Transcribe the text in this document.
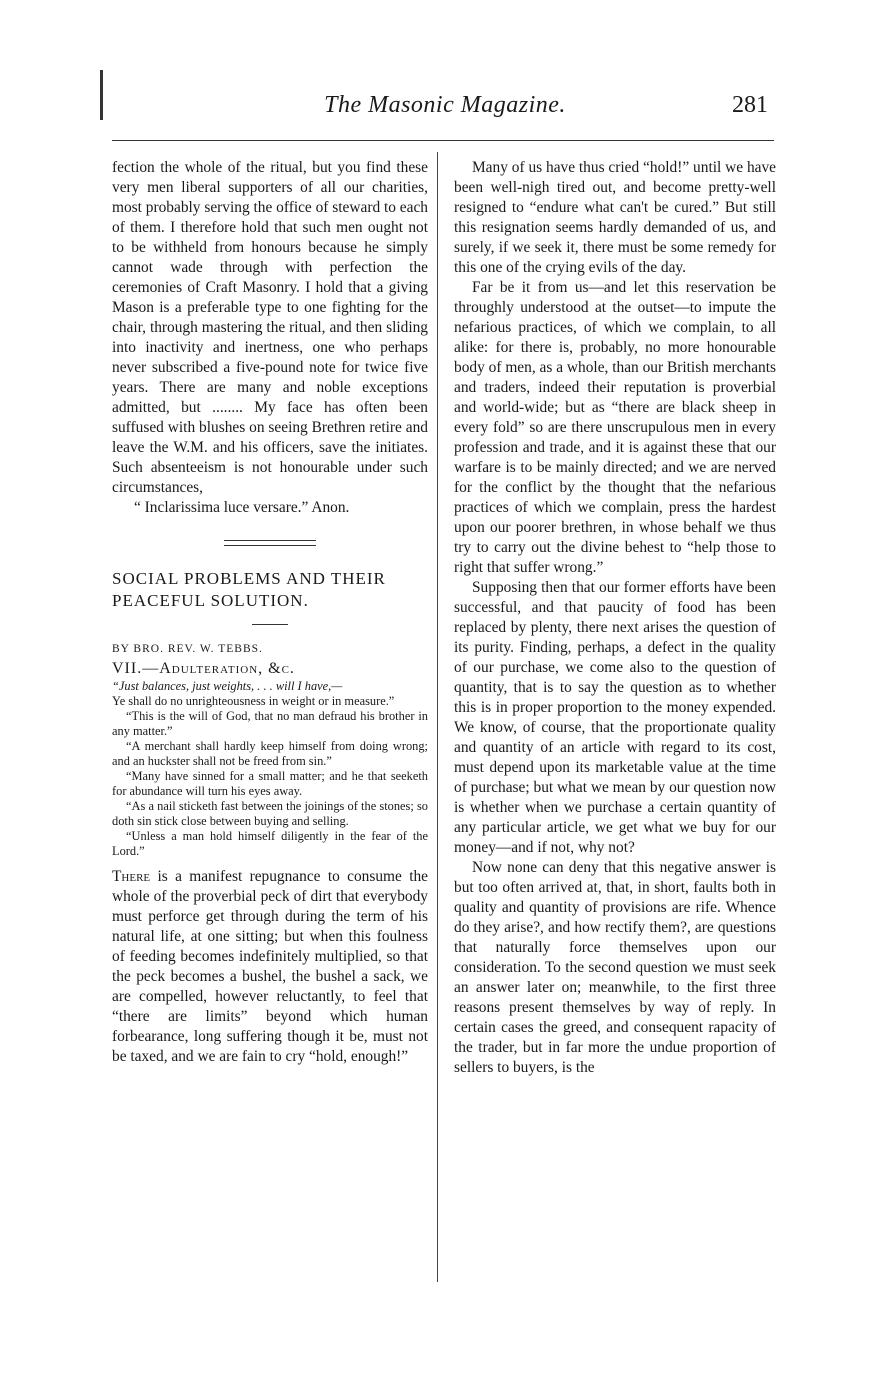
The Masonic Magazine.	281

fection the whole of the ritual, but you find these very men liberal supporters of all our charities, most probably serving the office of steward to each of them. I therefore hold that such men ought not to be withheld from honours because he simply cannot wade through with perfection the ceremonies of Craft Masonry. I hold that a giving Mason is a preferable type to one fighting for the chair, through mastering the ritual, and then sliding into inactivity and inertness, one who perhaps never subscribed a five-pound note for twice five years. There are many and noble exceptions admitted, but ........ My face has often been suffused with blushes on seeing Brethren retire and leave the W.M. and his officers, save the initiates. Such absenteeism is not honourable under such circumstances,

“ Inclarissima luce versare.” Anon.

SOCIAL PROBLEMS AND THEIR

PEACEFUL SOLUTION.

BY BRO. REV. W. TEBBS.

VII.—Adulteration, &c.

“Just balances, just weights, . . . will I have,—
Ye shall do no unrighteousness in weight or in measure.”

“This is the will of God, that no man defraud his brother in any matter.”

“A merchant shall hardly keep himself from doing wrong; and an huckster shall not be freed from sin.”

“Many have sinned for a small matter; and he that seeketh for abundance will turn his eyes away.

“As a nail sticketh fast between the joinings of the stones; so doth sin stick close between buying and selling.

“Unless a man hold himself diligently in the fear of the Lord.”

There is a manifest repugnance to consume the whole of the proverbial peck of dirt that everybody must perforce get through during the term of his natural life, at one sitting; but when this foulness of feeding becomes indefinitely multiplied, so that the peck becomes a bushel, the bushel a sack, we are compelled, however reluctantly, to feel that “there are limits” beyond which human forbearance, long suffering though it be, must not be taxed, and we are fain to cry “hold, enough!”

Many of us have thus cried “hold!” until we have been well-nigh tired out, and become pretty-well resigned to “endure what can't be cured.” But still this resignation seems hardly demanded of us, and surely, if we seek it, there must be some remedy for this one of the crying evils of the day.

Far be it from us—and let this reservation be throughly understood at the outset—to impute the nefarious practices, of which we complain, to all alike: for there is, probably, no more honourable body of men, as a whole, than our British merchants and traders, indeed their reputation is proverbial and world-wide; but as “there are black sheep in every fold” so are there unscrupulous men in every profession and trade, and it is against these that our warfare is to be mainly directed; and we are nerved for the conflict by the thought that the nefarious practices of which we complain, press the hardest upon our poorer brethren, in whose behalf we thus try to carry out the divine behest to “help those to right that suffer wrong.”

Supposing then that our former efforts have been successful, and that paucity of food has been replaced by plenty, there next arises the question of its purity. Finding, perhaps, a defect in the quality of our purchase, we come also to the question of quantity, that is to say the question as to whether this is in proper proportion to the money expended. We know, of course, that the proportionate quality and quantity of an article with regard to its cost, must depend upon its marketable value at the time of purchase; but what we mean by our question now is whether when we purchase a certain quantity of any particular article, we get what we buy for our money—and if not, why not?

Now none can deny that this negative answer is but too often arrived at, that, in short, faults both in quality and quantity of provisions are rife. Whence do they arise?, and how rectify them?, are questions that naturally force themselves upon our consideration. To the second question we must seek an answer later on; meanwhile, to the first three reasons present themselves by way of reply. In certain cases the greed, and consequent rapacity of the trader, but in far more the undue proportion of sellers to buyers, is the
